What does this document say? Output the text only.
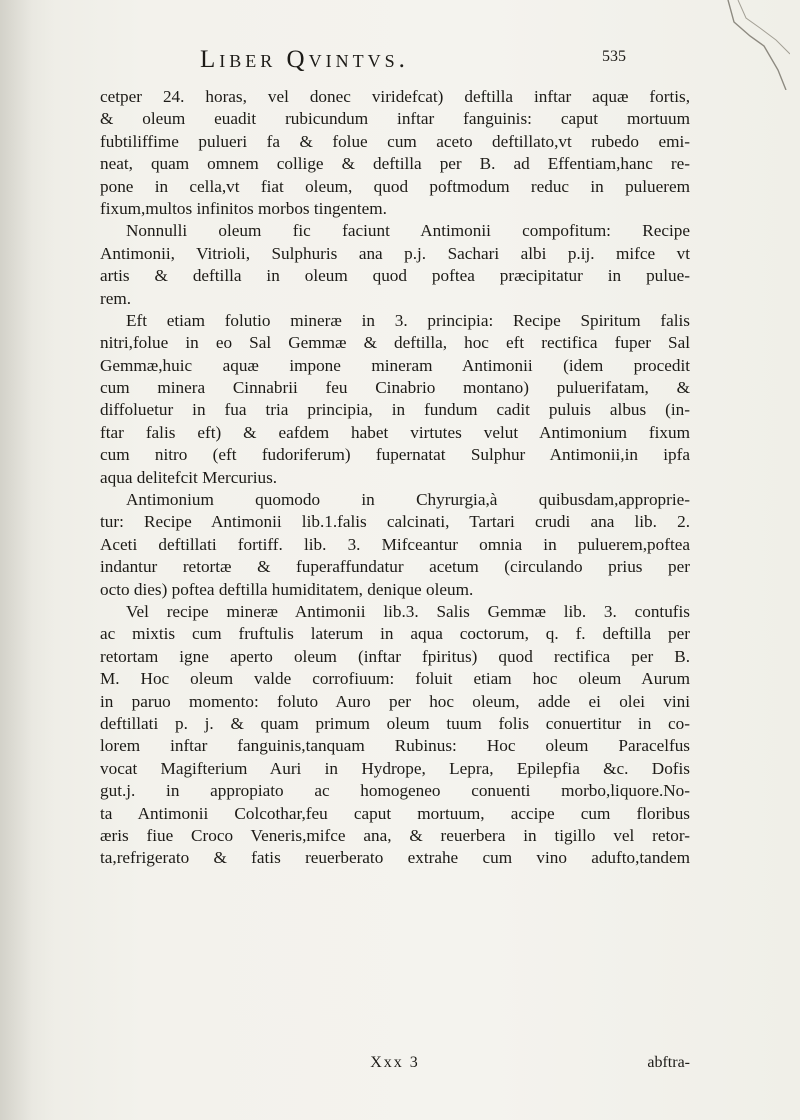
Liber Qvintvs.	535
cetper 24. horas, vel donec viridefcat) deftilla inftar aquæ fortis,
& oleum euadit rubicundum inftar fanguinis: caput mortuum
fubtiliffime pulueri fa & folue cum aceto deftillato,vt rubedo emi-
neat, quam omnem collige & deftilla per B. ad Effentiam,hanc re-
pone in cella,vt fiat oleum, quod poftmodum reduc in puluerem
fixum,multos infinitos morbos tingentem.
Nonnulli oleum fic faciunt Antimonii compofitum: Recipe
Antimonii, Vitrioli, Sulphuris ana p.j. Sachari albi p.ij. mifce vt
artis & deftilla in oleum quod poftea præcipitatur in pulue-
rem.
Eft etiam folutio mineræ in 3. principia: Recipe Spiritum falis
nitri,folue in eo Sal Gemmæ & deftilla, hoc eft rectifica fuper Sal
Gemmæ,huic aquæ impone mineram Antimonii (idem procedit
cum minera Cinnabrii feu Cinabrio montano) puluerifatam, &
diffoluetur in fua tria principia, in fundum cadit puluis albus (in-
ftar falis eft) & eafdem habet virtutes velut Antimonium fixum
cum nitro (eft fudoriferum) fupernatat Sulphur Antimonii,in ipfa
aqua delitefcit Mercurius.
Antimonium quomodo in Chyrurgia,à quibusdam,approprie-
tur: Recipe Antimonii lib.1.falis calcinati, Tartari crudi ana lib. 2.
Aceti deftillati fortiff. lib. 3. Mifceantur omnia in puluerem,poftea
indantur retortæ & fuperaffundatur acetum (circulando prius per
octo dies) poftea deftilla humiditatem, denique oleum.
Vel recipe mineræ Antimonii lib.3. Salis Gemmæ lib. 3. contufis
ac mixtis cum fruftulis laterum in aqua coctorum, q. f. deftilla per
retortam igne aperto oleum (inftar fpiritus) quod rectifica per B.
M. Hoc oleum valde corrofiuum: foluit etiam hoc oleum Aurum
in paruo momento: foluto Auro per hoc oleum, adde ei olei vini
deftillati p. j. & quam primum oleum tuum folis conuertitur in co-
lorem inftar fanguinis,tanquam Rubinus: Hoc oleum Paracelfus
vocat Magifterium Auri in Hydrope, Lepra, Epilepfia &c. Dofis
gut.j. in appropiato ac homogeneo conuenti morbo,liquore.No-
ta Antimonii Colcothar,feu caput mortuum, accipe cum floribus
æris fiue Croco Veneris,mifce ana, & reuerbera in tigillo vel retor-
ta,refrigerato & fatis reuerberato extrahe cum vino adufto,tandem
Xxx 3	abftra-
